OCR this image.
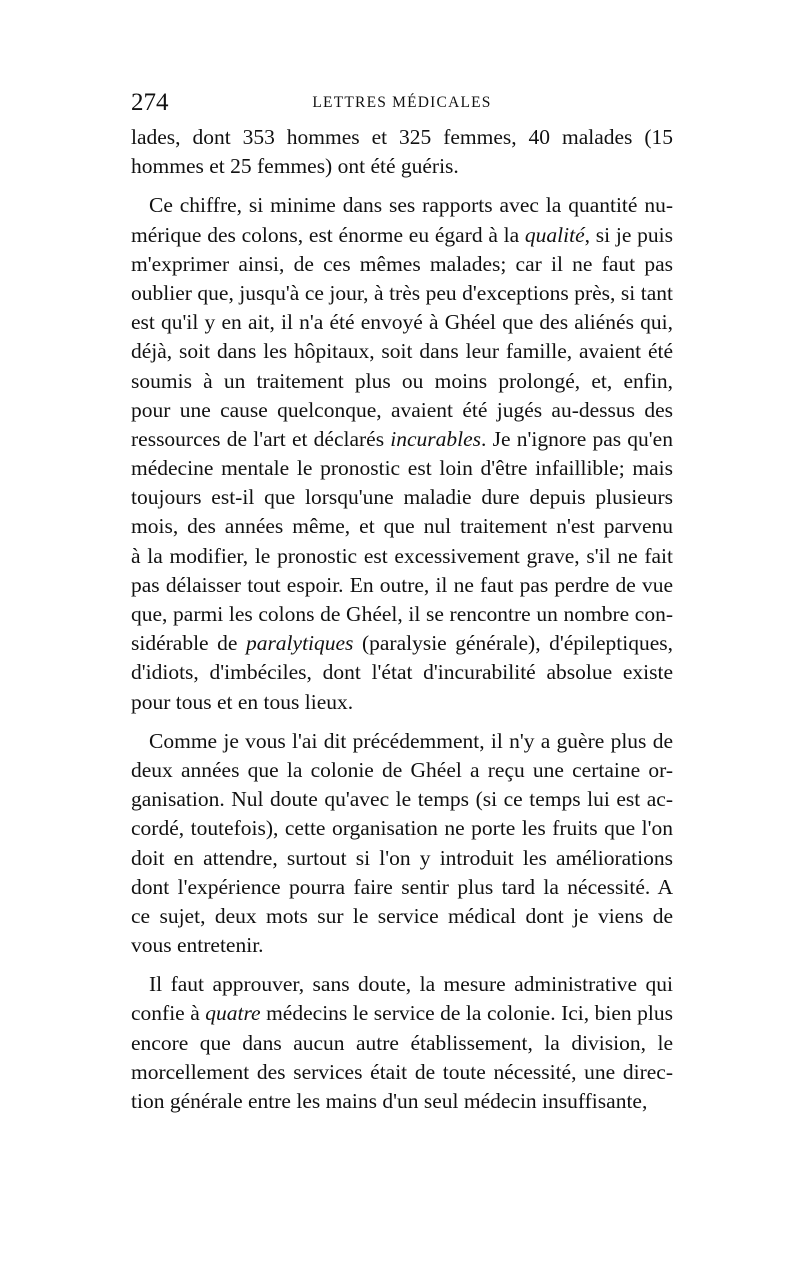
274	LETTRES MÉDICALES
lades, dont 353 hommes et 325 femmes, 40 malades (15
hommes et 25 femmes) ont été guéris.
Ce chiffre, si minime dans ses rapports avec la quantité nu-
mérique des colons, est énorme eu égard à la qualité, si je puis
m'exprimer ainsi, de ces mêmes malades; car il ne faut pas
oublier que, jusqu'à ce jour, à très peu d'exceptions près, si tant
est qu'il y en ait, il n'a été envoyé à Ghéel que des aliénés qui,
déjà, soit dans les hôpitaux, soit dans leur famille, avaient été
soumis à un traitement plus ou moins prolongé, et, enfin,
pour une cause quelconque, avaient été jugés au-dessus des
ressources de l'art et déclarés incurables. Je n'ignore pas qu'en
médecine mentale le pronostic est loin d'être infaillible; mais
toujours est-il que lorsqu'une maladie dure depuis plusieurs
mois, des années même, et que nul traitement n'est parvenu
à la modifier, le pronostic est excessivement grave, s'il ne fait
pas délaisser tout espoir. En outre, il ne faut pas perdre de vue
que, parmi les colons de Ghéel, il se rencontre un nombre con-
sidérable de paralytiques (paralysie générale), d'épileptiques,
d'idiots, d'imbéciles, dont l'état d'incurabilité absolue existe
pour tous et en tous lieux.
Comme je vous l'ai dit précédemment, il n'y a guère plus de
deux années que la colonie de Ghéel a reçu une certaine or-
ganisation. Nul doute qu'avec le temps (si ce temps lui est ac-
cordé, toutefois), cette organisation ne porte les fruits que l'on
doit en attendre, surtout si l'on y introduit les améliorations
dont l'expérience pourra faire sentir plus tard la nécessité. A
ce sujet, deux mots sur le service médical dont je viens de
vous entretenir.
Il faut approuver, sans doute, la mesure administrative qui
confie à quatre médecins le service de la colonie. Ici, bien plus
encore que dans aucun autre établissement, la division, le
morcellement des services était de toute nécessité, une direc-
tion générale entre les mains d'un seul médecin insuffisante,
